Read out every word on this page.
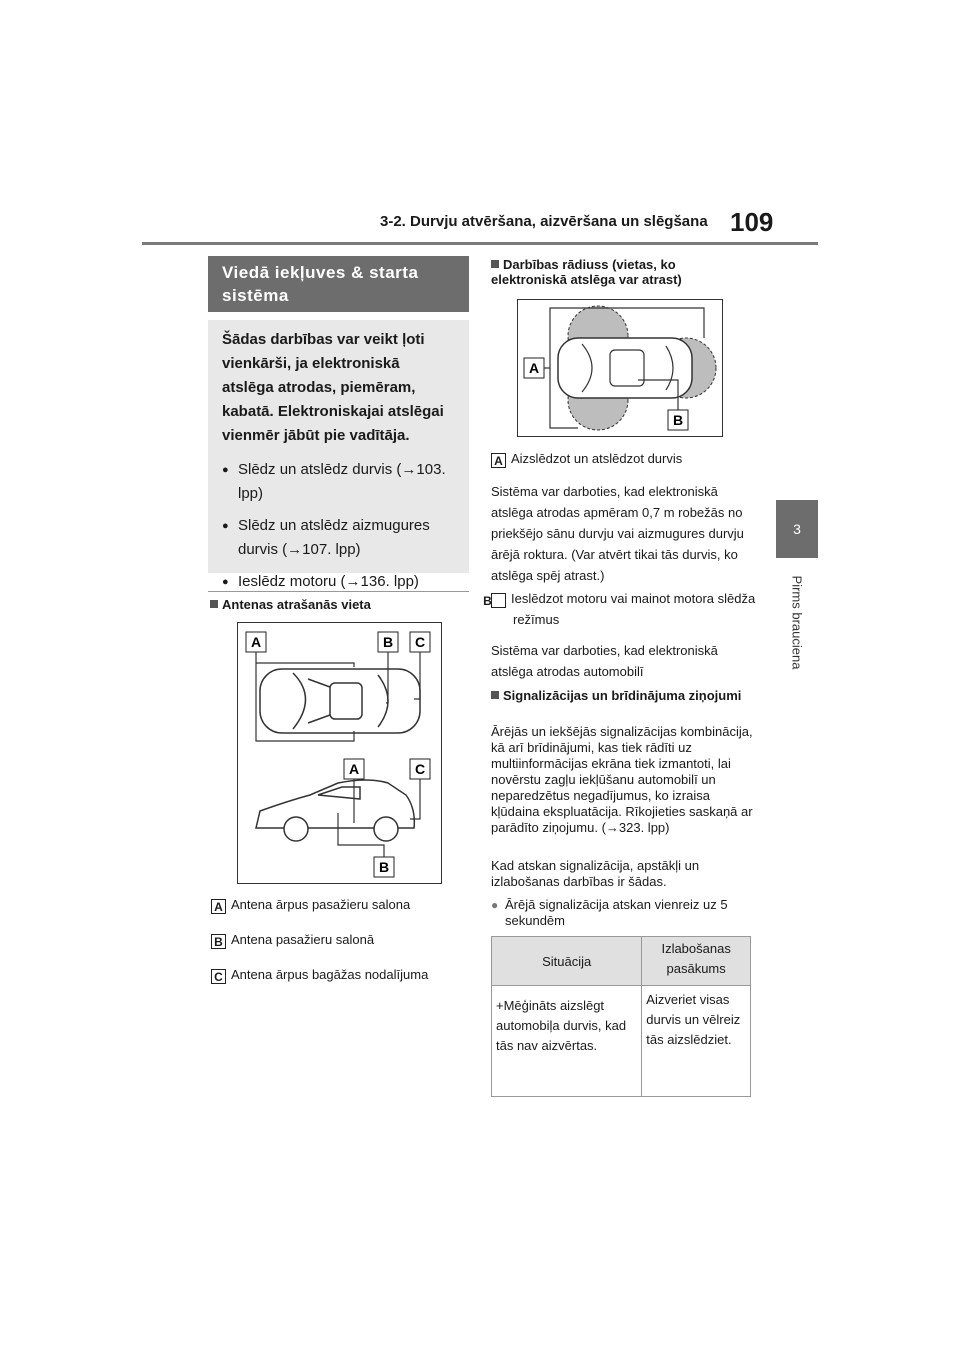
3-2. Durvju atvēršana, aizvēršana un slēgšana 109
3
Pirms brauciena
Viedā iekļuves & starta sistēma

Šādas darbības var veikt ļoti vienkārši, ja elektroniskā atslēga atrodas, piemēram, kabatā. Elektroniskajai atslēgai vienmēr jābūt pie vadītāja.

● Slēdz un atslēdz durvis (→103. lpp)

● Slēdz un atslēdz aizmugures durvis (→107. lpp)

● Ieslēdz motoru (→136. lpp)

Antenas atrašanās vieta
A	B C
A	C
B
A Antena ārpus pasažieru salona
B Antena pasažieru salonā
C Antena ārpus bagāžas nodalījuma
Darbības rādiuss (vietas, ko elektroniskā atslēga var atrast)
A
B
A Aizslēdzot un atslēdzot durvis
Sistēma var darboties, kad elektroniskā atslēga atrodas apmēram 0,7 m robežās no priekšējo sānu durvju vai aizmugures durvju ārējā roktura. (Var atvērt tikai tās durvis, ko atslēga spēj atrast.)
B Ieslēdzot motoru vai mainot motora slēdža režīmus
Sistēma var darboties, kad elektroniskā atslēga atrodas automobilī
Signalizācijas un brīdinājuma ziņojumi
Ārējās un iekšējās signalizācijas kombinācija, kā arī brīdinājumi, kas tiek rādīti uz multiinformācijas ekrāna tiek izmantoti, lai novērstu zagļu iekļūšanu automobilī un neparedzētus negadījumus, ko izraisa kļūdaina ekspluatācija. Rīkojieties saskaņā ar parādīto ziņojumu. (→323. lpp)
Kad atskan signalizācija, apstākļi un izlabošanas darbības ir šādas.
● Ārējā signalizācija atskan vienreiz uz 5 sekundēm
Situācija	Izlabošanas pasākums
+Mēģināts aizslēgt automobiļa durvis, kad tās nav aizvērtas.	Aizveriet visas durvis un vēlreiz tās aizslēdziet.
